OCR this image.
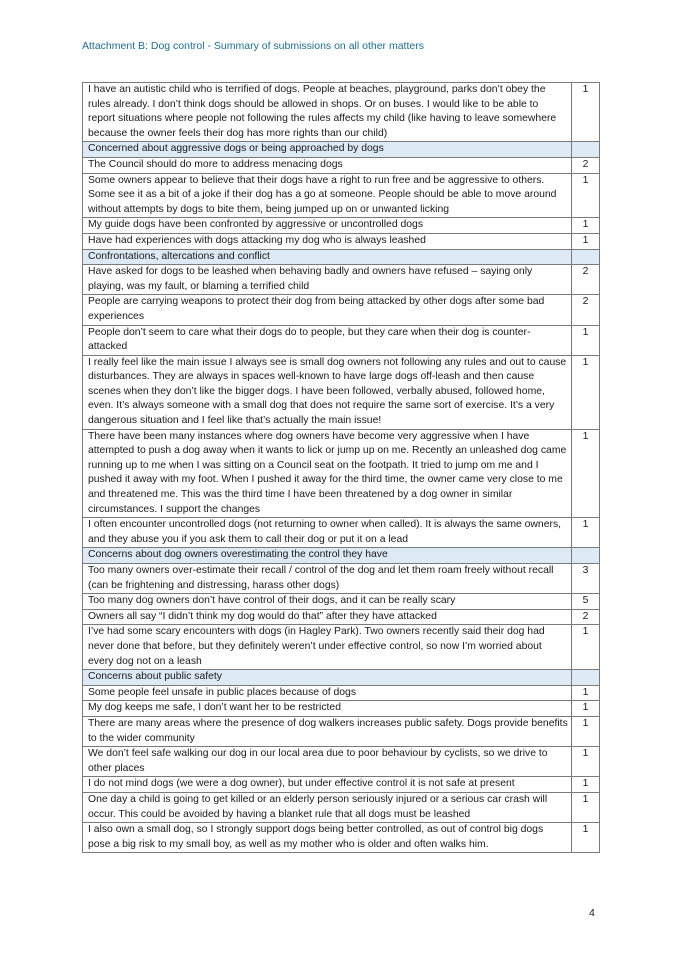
Attachment B: Dog control - Summary of submissions on all other matters
I have an autistic child who is terrified of dogs. People at beaches, playground, parks don’t obey the rules already. I don’t think dogs should be allowed in shops. Or on buses. I would like to be able to report situations where people not following the rules affects my child (like having to leave somewhere because the owner feels their dog has more rights than our child)	1
Concerned about aggressive dogs or being approached by dogs	
The Council should do more to address menacing dogs	2
Some owners appear to believe that their dogs have a right to run free and be aggressive to others. Some see it as a bit of a joke if their dog has a go at someone. People should be able to move around without attempts by dogs to bite them, being jumped up on or unwanted licking	1
My guide dogs have been confronted by aggressive or uncontrolled dogs	1
Have had experiences with dogs attacking my dog who is always leashed	1
Confrontations, altercations and conflict	
Have asked for dogs to be leashed when behaving badly and owners have refused – saying only playing, was my fault, or blaming a terrified child	2
People are carrying weapons to protect their dog from being attacked by other dogs after some bad experiences	2
People don’t seem to care what their dogs do to people, but they care when their dog is counter-attacked	1
I really feel like the main issue I always see is small dog owners not following any rules and out to cause disturbances. They are always in spaces well-known to have large dogs off-leash and then cause scenes when they don’t like the bigger dogs. I have been followed, verbally abused, followed home, even. It’s always someone with a small dog that does not require the same sort of exercise. It’s a very dangerous situation and I feel like that’s actually the main issue!	1
There have been many instances where dog owners have become very aggressive when I have attempted to push a dog away when it wants to lick or jump up on me. Recently an unleashed dog came running up to me when I was sitting on a Council seat on the footpath. It tried to jump om me and I pushed it away with my foot. When I pushed it away for the third time, the owner came very close to me and threatened me. This was the third time I have been threatened by a dog owner in similar circumstances. I support the changes	1
I often encounter uncontrolled dogs (not returning to owner when called). It is always the same owners, and they abuse you if you ask them to call their dog or put it on a lead	1
Concerns about dog owners overestimating the control they have	
Too many owners over-estimate their recall / control of the dog and let them roam freely without recall (can be frightening and distressing, harass other dogs)	3
Too many dog owners don’t have control of their dogs, and it can be really scary	5
Owners all say “I didn’t think my dog would do that” after they have attacked	2
I’ve had some scary encounters with dogs (in Hagley Park). Two owners recently said their dog had never done that before, but they definitely weren’t under effective control, so now I’m worried about every dog not on a leash	1
Concerns about public safety	
Some people feel unsafe in public places because of dogs	1
My dog keeps me safe, I don’t want her to be restricted	1
There are many areas where the presence of dog walkers increases public safety. Dogs provide benefits to the wider community	1
We don’t feel safe walking our dog in our local area due to poor behaviour by cyclists, so we drive to other places	1
I do not mind dogs (we were a dog owner), but under effective control it is not safe at present	1
One day a child is going to get killed or an elderly person seriously injured or a serious car crash will occur. This could be avoided by having a blanket rule that all dogs must be leashed	1
I also own a small dog, so I strongly support dogs being better controlled, as out of control big dogs pose a big risk to my small boy, as well as my mother who is older and often walks him.	1
4
